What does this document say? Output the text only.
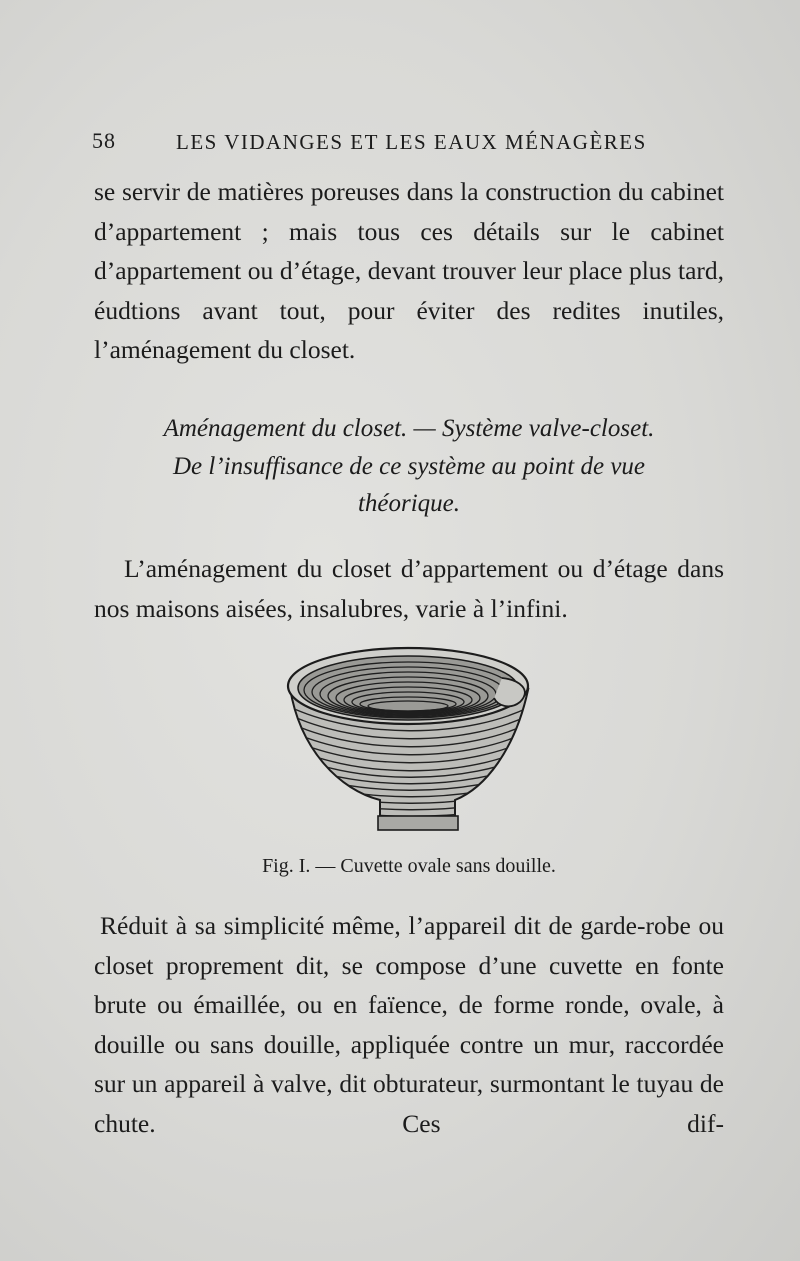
58	LES VIDANGES ET LES EAUX MÉNAGÈRES
se servir de matières poreuses dans la construction du cabinet d’appartement ; mais tous ces détails sur le cabinet d’appartement ou d’étage, devant trouver leur place plus tard, éudtions avant tout, pour éviter des redites inutiles, l’aménagement du closet.
Aménagement du closet. — Système valve-closet.
De l’insuffisance de ce système au point de vue
théorique.
L’aménagement du closet d’appartement ou d’étage dans nos maisons aisées, insalubres, varie à l’infini.
Fig. I. — Cuvette ovale sans douille.
Réduit à sa simplicité même, l’appareil dit de garde-robe ou closet proprement dit, se compose d’une cuvette en fonte brute ou émaillée, ou en faïence, de forme ronde, ovale, à douille ou sans douille, appliquée contre un mur, raccordée sur un appareil à valve, dit obturateur, surmontant le tuyau de chute. Ces dif-
